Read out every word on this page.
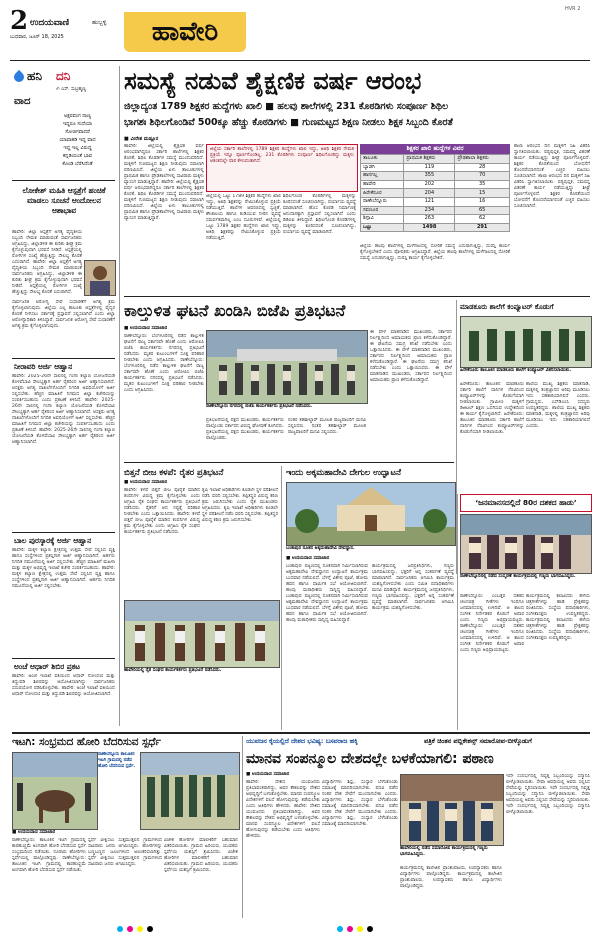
2 ಉದಯವಾಣಿ	ಹುಬ್ಬಳ್ಳಿ
ಬುಧವಾರ, ಜೂನ್ 18, 2025	ಹಾವೇರಿ
HVR 2
ಹನಿ ದನಿ
✍ ಎಸ್‌. ಸುಬ್ರಹ್ಮಣ್ಯ
ವಾದ
ಅಕ್ಷರವಂಗ ನಾಣ್ಯ
ಇದ್ದರೂ ಸುಧೆಯಾ
ಸೋಜಿಗವಾದರೆ
ಯಾವಾತಡಿ ಇದ್ದ ವಾದ
ಇದ್ದ ಇಲ್ಲ ವಿರುದ್ಧ
ಕನ್ನಡಿಯಂತೆ ಭಾವ
ಕೊಂಡಿ ಬೆರೆಸಿದೆಂತೆ
ಲೋಕೇಶ್‌ ಮಹಿತಿ ಆಸ್ಪತ್ರೆಗೆ ಹಂಚಿಕೆ ಮಾಡಲು ಸೂಚನೆ ಆಂದೋಲನ ಆಶಾಭಾವ
ಹಾವೇರಿ: ಜಿಲ್ಲಾ ಆಸ್ಪತ್ರೆಗೆ ಅಗತ್ಯ ವೈದ್ಯಕೀಯ ಸಿಬ್ಬಂದಿ ನೇಮಕ ಮಾಡುವಂತೆ ಸಾರ್ವಜನಿಕರು ಆಗ್ರಹಿಸಿದ್ದು, ಜಿಲ್ಲಾಡಳಿತ ಈ ಕುರಿತು ಶೀಘ್ರ ಕ್ರಮ ಕೈಗೊಳ್ಳುವುದಾಗಿ ಭರವಸೆ ನೀಡಿದೆ. ಆಸ್ಪತ್ರೆಯಲ್ಲಿ ರೋಗಿಗಳ ಸಂಖ್ಯೆ ಹೆಚ್ಚುತ್ತಿದ್ದು ಸೌಲಭ್ಯ ಕೊರತೆ ಎದುರಾಗಿದೆ. ಹಾವೇರಿ: ಜಿಲ್ಲಾ ಆಸ್ಪತ್ರೆಗೆ ಅಗತ್ಯ ವೈದ್ಯಕೀಯ ಸಿಬ್ಬಂದಿ ನೇಮಕ ಮಾಡುವಂತೆ ಸಾರ್ವಜನಿಕರು ಆಗ್ರಹಿಸಿದ್ದು, ಜಿಲ್ಲಾಡಳಿತ ಈ ಕುರಿತು ಶೀಘ್ರ ಕ್ರಮ ಕೈಗೊಳ್ಳುವುದಾಗಿ ಭರವಸೆ ನೀಡಿದೆ. ಆಸ್ಪತ್ರೆಯಲ್ಲಿ ರೋಗಿಗಳ ಸಂಖ್ಯೆ ಹೆಚ್ಚುತ್ತಿದ್ದು ಸೌಲಭ್ಯ ಕೊರತೆ ಎದುರಾಗಿದೆ.
ಸಾರ್ವಜನಿಕ ಆರೋಗ್ಯ ಸೇವೆ ಸುಧಾರಣೆಗೆ ಅಗತ್ಯ ಕ್ರಮ ಕೈಗೊಳ್ಳಲಾಗುವುದು. ಜಿಲ್ಲೆಯ ಎಲ್ಲ ತಾಲೂಕು ಆಸ್ಪತ್ರೆಗಳಲ್ಲಿ ವೈದ್ಯರ ಕೊರತೆ ನೀಗಿಸಲು ಸರ್ಕಾರಕ್ಕೆ ಪ್ರಸ್ತಾವನೆ ಸಲ್ಲಿಸಲಾಗಿದೆ ಎಂದು ಜಿಲ್ಲಾ ಆರೋಗ್ಯಾಧಿಕಾರಿ ತಿಳಿಸಿದ್ದಾರೆ. ಸಾರ್ವಜನಿಕ ಆರೋಗ್ಯ ಸೇವೆ ಸುಧಾರಣೆಗೆ ಅಗತ್ಯ ಕ್ರಮ ಕೈಗೊಳ್ಳಲಾಗುವುದು.
ನೀರಾವರಿ ಅರ್ಜಿ ಆಹ್ವಾನ
ಹಾವೇರಿ: 2025-26ನೇ ಸಾಲಿನಲ್ಲಿ ಗಂಗಾ ಕಲ್ಯಾಣ ಯೋಜನೆಯಡಿ ಕೊಳವೆಬಾವಿ ಸೌಲಭ್ಯಕ್ಕಾಗಿ ಅರ್ಹ ರೈತರಿಂದ ಅರ್ಜಿ ಆಹ್ವಾನಿಸಲಾಗಿದೆ. ಆಸಕ್ತರು ಅಗತ್ಯ ದಾಖಲೆಗಳೊಂದಿಗೆ ನಿಗದಿತ ಅವಧಿಯೊಳಗೆ ಅರ್ಜಿ ಸಲ್ಲಿಸಬೇಕು. ಹೆಚ್ಚಿನ ಮಾಹಿತಿಗೆ ನಿಗಮದ ಜಿಲ್ಲಾ ಕಚೇರಿಯನ್ನು ಸಂಪರ್ಕಿಸಬಹುದು ಎಂದು ಪ್ರಕಟಣೆ ತಿಳಿಸಿದೆ. ಹಾವೇರಿ: 2025-26ನೇ ಸಾಲಿನಲ್ಲಿ ಗಂಗಾ ಕಲ್ಯಾಣ ಯೋಜನೆಯಡಿ ಕೊಳವೆಬಾವಿ ಸೌಲಭ್ಯಕ್ಕಾಗಿ ಅರ್ಹ ರೈತರಿಂದ ಅರ್ಜಿ ಆಹ್ವಾನಿಸಲಾಗಿದೆ. ಆಸಕ್ತರು ಅಗತ್ಯ ದಾಖಲೆಗಳೊಂದಿಗೆ ನಿಗದಿತ ಅವಧಿಯೊಳಗೆ ಅರ್ಜಿ ಸಲ್ಲಿಸಬೇಕು. ಹೆಚ್ಚಿನ ಮಾಹಿತಿಗೆ ನಿಗಮದ ಜಿಲ್ಲಾ ಕಚೇರಿಯನ್ನು ಸಂಪರ್ಕಿಸಬಹುದು ಎಂದು ಪ್ರಕಟಣೆ ತಿಳಿಸಿದೆ. ಹಾವೇರಿ: 2025-26ನೇ ಸಾಲಿನಲ್ಲಿ ಗಂಗಾ ಕಲ್ಯಾಣ ಯೋಜನೆಯಡಿ ಕೊಳವೆಬಾವಿ ಸೌಲಭ್ಯಕ್ಕಾಗಿ ಅರ್ಹ ರೈತರಿಂದ ಅರ್ಜಿ ಆಹ್ವಾನಿಸಲಾಗಿದೆ.
ಬಾಲ ಪುರಸ್ಕಾರಕ್ಕೆ ಅರ್ಜಿ ಆಹ್ವಾನ
ಹಾವೇರಿ: ಮಕ್ಕಳ ಕಲ್ಯಾಣ ಕ್ಷೇತ್ರದಲ್ಲಿ ಉತ್ತಮ ಸೇವೆ ಸಲ್ಲಿಸಿದ ವ್ಯಕ್ತಿ ಹಾಗೂ ಸಂಸ್ಥೆಗಳಿಂದ ಪ್ರಶಸ್ತಿಗಾಗಿ ಅರ್ಜಿ ಆಹ್ವಾನಿಸಲಾಗಿದೆ. ಅರ್ಹರು ನಿಗದಿತ ನಮೂನೆಯಲ್ಲಿ ಅರ್ಜಿ ಸಲ್ಲಿಸಬೇಕು. ಹೆಚ್ಚಿನ ಮಾಹಿತಿಗೆ ಮಹಿಳಾ ಮತ್ತು ಮಕ್ಕಳ ಅಭಿವೃದ್ಧಿ ಇಲಾಖೆ ಕಚೇರಿ ಸಂಪರ್ಕಿಸಬಹುದು. ಹಾವೇರಿ: ಮಕ್ಕಳ ಕಲ್ಯಾಣ ಕ್ಷೇತ್ರದಲ್ಲಿ ಉತ್ತಮ ಸೇವೆ ಸಲ್ಲಿಸಿದ ವ್ಯಕ್ತಿ ಹಾಗೂ ಸಂಸ್ಥೆಗಳಿಂದ ಪ್ರಶಸ್ತಿಗಾಗಿ ಅರ್ಜಿ ಆಹ್ವಾನಿಸಲಾಗಿದೆ. ಅರ್ಹರು ನಿಗದಿತ ನಮೂನೆಯಲ್ಲಿ ಅರ್ಜಿ ಸಲ್ಲಿಸಬೇಕು.
ಅಂಚೆ ಆಧಾರ್‌ ಶಿಬಿರ ಪ್ರಕಟ
ಹಾವೇರಿ: ಅಂಚೆ ಇಲಾಖೆ ವತಿಯಿಂದ ಆಧಾರ್‌ ನೋಂದಣಿ ಮತ್ತು ತಿದ್ದುಪಡಿ ಶಿಬಿರವನ್ನು ಆಯೋಜಿಸಲಾಗಿದ್ದು ಸಾರ್ವಜನಿಕರು ಸದುಪಯೋಗ ಪಡಿಸಿಕೊಳ್ಳಬೇಕು. ಹಾವೇರಿ: ಅಂಚೆ ಇಲಾಖೆ ವತಿಯಿಂದ ಆಧಾರ್‌ ನೋಂದಣಿ ಮತ್ತು ತಿದ್ದುಪಡಿ ಶಿಬಿರವನ್ನು ಆಯೋಜಿಸಲಾಗಿದೆ.
ಸಮಸ್ಯೆ ನಡುವೆ ಶೈಕ್ಷಣಿಕ ವರ್ಷ ಆರಂಭ
ಜಿಲ್ಲಾದ್ಯಂತ 1789 ಶಿಕ್ಷಕರ ಹುದ್ದೆಗಳು ಖಾಲಿ ■ ಹಲವು ಶಾಲೆಗಳಲ್ಲಿ 231 ಕೊಠಡಿಗಳು ಸಂಪೂರ್ಣ ಶಿಥಿಲ
ಭಾಗಶಃ ಶಿಥಿಲಗೊಂಡಿವೆ 500ಕ್ಕೂ ಹೆಚ್ಚು ಕೊಠಡಿಗಳು ■ ಗುಣಮಟ್ಟದ ಶಿಕ್ಷಣ ನೀಡಲು ಶಿಕ್ಷಕ ಸಿಬ್ಬಂದಿ ಕೊರತೆ
■ ವೀರೇಶ ಮಡ್ಲೂರ
ಹಾವೇರಿ: ಜಿಲ್ಲೆಯಲ್ಲಿ ಶೈಕ್ಷಣಿಕ ವರ್ಷ ಆರಂಭವಾಗಿದ್ದರೂ ಸರ್ಕಾರಿ ಶಾಲೆಗಳಲ್ಲಿ ಶಿಕ್ಷಕರ ಕೊರತೆ, ಶಿಥಿಲ ಕೊಠಡಿಗಳ ಸಮಸ್ಯೆ ಮುಂದುವರಿದಿದೆ. ಮಕ್ಕಳಿಗೆ ಗುಣಮಟ್ಟದ ಶಿಕ್ಷಣ ನೀಡುವುದು ಸವಾಲಾಗಿ ಪರಿಣಮಿಸಿದೆ. ಜಿಲ್ಲೆಯ ಏಳು ತಾಲೂಕುಗಳಲ್ಲಿ ಪ್ರಾಥಮಿಕ ಹಾಗೂ ಪ್ರೌಢಶಾಲೆಗಳಲ್ಲಿ ಸಾವಿರಾರು ಮಕ್ಕಳು ವ್ಯಾಸಂಗ ಮಾಡುತ್ತಿದ್ದಾರೆ. ಹಾವೇರಿ: ಜಿಲ್ಲೆಯಲ್ಲಿ ಶೈಕ್ಷಣಿಕ ವರ್ಷ ಆರಂಭವಾಗಿದ್ದರೂ ಸರ್ಕಾರಿ ಶಾಲೆಗಳಲ್ಲಿ ಶಿಕ್ಷಕರ ಕೊರತೆ, ಶಿಥಿಲ ಕೊಠಡಿಗಳ ಸಮಸ್ಯೆ ಮುಂದುವರಿದಿದೆ. ಮಕ್ಕಳಿಗೆ ಗುಣಮಟ್ಟದ ಶಿಕ್ಷಣ ನೀಡುವುದು ಸವಾಲಾಗಿ ಪರಿಣಮಿಸಿದೆ. ಜಿಲ್ಲೆಯ ಏಳು ತಾಲೂಕುಗಳಲ್ಲಿ ಪ್ರಾಥಮಿಕ ಹಾಗೂ ಪ್ರೌಢಶಾಲೆಗಳಲ್ಲಿ ಸಾವಿರಾರು ಮಕ್ಕಳು ವ್ಯಾಸಂಗ ಮಾಡುತ್ತಿದ್ದಾರೆ.
ಜಿಲ್ಲೆಯ ಸರ್ಕಾರಿ ಶಾಲೆಗಳಲ್ಲಿ 1789 ಶಿಕ್ಷಕರ ಹುದ್ದೆಗಳು ಖಾಲಿ ಇದ್ದು, ಅತಿಥಿ ಶಿಕ್ಷಕರ ನೇಮಕ ಪ್ರಕ್ರಿಯೆ ಇನ್ನೂ ಪೂರ್ಣಗೊಂಡಿಲ್ಲ. 231 ಕೊಠಡಿಗಳು ಸಂಪೂರ್ಣ ಶಿಥಿಲಗೊಂಡಿದ್ದು ಮಕ್ಕಳು ಆತಂಕದಲ್ಲೇ ಪಾಠ ಕೇಳುವಂತಾಗಿದೆ.
ಜಿಲ್ಲೆಯಲ್ಲಿ ಒಟ್ಟು 1789 ಶಿಕ್ಷಕರ ಹುದ್ದೆಗಳು ಖಾಲಿ ಇದ್ದು, ಅತಿಥಿ ಶಿಕ್ಷಕರನ್ನು ನೇಮಿಸಿಕೊಳ್ಳುವ ಪ್ರಕ್ರಿಯೆ ನಡೆಯುತ್ತಿದೆ. ಶಾಲೆಗಳ ಆವರಣದಲ್ಲಿ ಸ್ವಚ್ಛತೆ, ಶೌಚಾಲಯ ಹಾಗೂ ಕುಡಿಯುವ ನೀರಿನ ವ್ಯವಸ್ಥೆ ಸಮರ್ಪಕವಾಗಿಲ್ಲ ಎಂಬ ದೂರುಗಳಿವೆ. ಜಿಲ್ಲೆಯಲ್ಲಿ ಒಟ್ಟು 1789 ಶಿಕ್ಷಕರ ಹುದ್ದೆಗಳು ಖಾಲಿ ಇದ್ದು, ಅತಿಥಿ ಶಿಕ್ಷಕರನ್ನು ನೇಮಿಸಿಕೊಳ್ಳುವ ಪ್ರಕ್ರಿಯೆ ನಡೆಯುತ್ತಿದೆ.
ಶಿಥಿಲಗೊಂಡ ಕೊಠಡಿಗಳಲ್ಲಿ ಮಕ್ಕಳನ್ನು ಕೂರಿಸದಂತೆ ಸೂಚಿಸಲಾಗಿದ್ದು, ಪರ್ಯಾಯ ವ್ಯವಸ್ಥೆ ಮಾಡಲಾಗಿದೆ. ಹೊಸ ಕೊಠಡಿ ನಿರ್ಮಾಣಕ್ಕೆ ಅನುದಾನಕ್ಕಾಗಿ ಪ್ರಸ್ತಾವನೆ ಸಲ್ಲಿಸಲಾಗಿದೆ ಎಂದು ಡಿಡಿಪಿಐ ತಿಳಿಸಿದ್ದಾರೆ. ಶಿಥಿಲಗೊಂಡ ಕೊಠಡಿಗಳಲ್ಲಿ ಮಕ್ಕಳನ್ನು ಕೂರಿಸದಂತೆ ಸೂಚಿಸಲಾಗಿದ್ದು, ಪರ್ಯಾಯ ವ್ಯವಸ್ಥೆ ಮಾಡಲಾಗಿದೆ.
ಶಿಕ್ಷಕರ ಖಾಲಿ ಹುದ್ದೆಗಳ ವಿವರ
ತಾಲೂಕು	ಪ್ರಾಥಮಿಕ ಶಿಕ್ಷಕರು	ಪ್ರೌಢಶಾಲಾ ಶಿಕ್ಷಕರು
ಬ್ಯಾಡಗಿ	119	28
ಹಾನಗಲ್ಲ	355	70
ಹಾವೇರಿ	202	35
ಹಿರೇಕೆರೂರ	204	15
ರಾಣೇಬೆನ್ನೂರು	121	16
ಸವಣೂರ	234	65
ಶಿಗ್ಗಾವಿ	263	62
ಒಟ್ಟು	1498	291
ಜಿಲ್ಲೆಯ ಹಲವು ಶಾಲೆಗಳಲ್ಲಿ ಮಳೆಗಾಲದಲ್ಲಿ ಸೋರಿಕೆ ಸಮಸ್ಯೆ ಎದುರಾಗುತ್ತಿದ್ದು, ದುರಸ್ತಿ ಕಾರ್ಯ ಕೈಗೊಳ್ಳಬೇಕಿದೆ ಎಂದು ಪೋಷಕರು ಆಗ್ರಹಿಸಿದ್ದಾರೆ. ಜಿಲ್ಲೆಯ ಹಲವು ಶಾಲೆಗಳಲ್ಲಿ ಮಳೆಗಾಲದಲ್ಲಿ ಸೋರಿಕೆ ಸಮಸ್ಯೆ ಎದುರಾಗುತ್ತಿದ್ದು, ದುರಸ್ತಿ ಕಾರ್ಯ ಕೈಗೊಳ್ಳಬೇಕಿದೆ.
ಶಾಲಾ ಆರಂಭದ ದಿನ ಮಕ್ಕಳಿಗೆ ಸಿಹಿ ವಿತರಿಸಿ ಸ್ವಾಗತಿಸಲಾಯಿತು. ಪಠ್ಯಪುಸ್ತಕ, ಸಮವಸ್ತ್ರ ವಿತರಣೆ ಕಾರ್ಯ ನಡೆಯುತ್ತಿದ್ದು ಶೀಘ್ರ ಪೂರ್ಣಗೊಳ್ಳಲಿದೆ. ಶಿಕ್ಷಕರ ಕೊರತೆಯಿಂದ ಬೋಧನೆಗೆ ತೊಂದರೆಯಾಗದಂತೆ ಎಚ್ಚರ ವಹಿಸಲು ಸೂಚಿಸಲಾಗಿದೆ. ಶಾಲಾ ಆರಂಭದ ದಿನ ಮಕ್ಕಳಿಗೆ ಸಿಹಿ ವಿತರಿಸಿ ಸ್ವಾಗತಿಸಲಾಯಿತು. ಪಠ್ಯಪುಸ್ತಕ, ಸಮವಸ್ತ್ರ ವಿತರಣೆ ಕಾರ್ಯ ನಡೆಯುತ್ತಿದ್ದು ಶೀಘ್ರ ಪೂರ್ಣಗೊಳ್ಳಲಿದೆ. ಶಿಕ್ಷಕರ ಕೊರತೆಯಿಂದ ಬೋಧನೆಗೆ ತೊಂದರೆಯಾಗದಂತೆ ಎಚ್ಚರ ವಹಿಸಲು ಸೂಚಿಸಲಾಗಿದೆ.
ಕಾಲ್ತುಳಿತ ಘಟನೆ ಖಂಡಿಸಿ ಬಿಜೆಪಿ ಪ್ರತಿಭಟನೆ
■ ಉದಯವಾಣಿ ಸಮಾಚಾರ
ರಾಣೇಬೆನ್ನೂರು: ಬೆಂಗಳೂರಿನಲ್ಲಿ ನಡೆದ ಕಾಲ್ತುಳಿತ ಘಟನೆಗೆ ರಾಜ್ಯ ಸರ್ಕಾರವೇ ಹೊಣೆ ಎಂದು ಆರೋಪಿಸಿ ಬಿಜೆಪಿ ಕಾರ್ಯಕರ್ತರು ನಗರದಲ್ಲಿ ಪ್ರತಿಭಟನೆ ನಡೆಸಿದರು. ಮೃತರ ಕುಟುಂಬಗಳಿಗೆ ಸೂಕ್ತ ಪರಿಹಾರ ನೀಡಬೇಕು ಎಂದು ಆಗ್ರಹಿಸಿದರು. ರಾಣೇಬೆನ್ನೂರು: ಬೆಂಗಳೂರಿನಲ್ಲಿ ನಡೆದ ಕಾಲ್ತುಳಿತ ಘಟನೆಗೆ ರಾಜ್ಯ ಸರ್ಕಾರವೇ ಹೊಣೆ ಎಂದು ಆರೋಪಿಸಿ ಬಿಜೆಪಿ ಕಾರ್ಯಕರ್ತರು ನಗರದಲ್ಲಿ ಪ್ರತಿಭಟನೆ ನಡೆಸಿದರು. ಮೃತರ ಕುಟುಂಬಗಳಿಗೆ ಸೂಕ್ತ ಪರಿಹಾರ ನೀಡಬೇಕು ಎಂದು ಆಗ್ರಹಿಸಿದರು.
ರಾಣೇಬೆನ್ನೂರು ನಗರದಲ್ಲಿ ಬಿಜೆಪಿ ಕಾರ್ಯಕರ್ತರು ಪ್ರತಿಭಟನೆ ನಡೆಸಿದರು.
ಪ್ರತಿಭಟನೆಯಲ್ಲಿ ಪಕ್ಷದ ಮುಖಂಡರು, ಕಾರ್ಯಕರ್ತರು ಪಾಲ್ಗೊಂಡು ಸರ್ಕಾರದ ವಿರುದ್ಧ ಘೋಷಣೆ ಕೂಗಿದರು. ಪ್ರತಿಭಟನೆಯಲ್ಲಿ ಪಕ್ಷದ ಮುಖಂಡರು, ಕಾರ್ಯಕರ್ತರು ಪಾಲ್ಗೊಂಡರು.
ನಂತರ ತಹಶೀಲ್ದಾರ್‌ ಮೂಲಕ ರಾಜ್ಯಪಾಲರಿಗೆ ಮನವಿ ಸಲ್ಲಿಸಿದರು. ನಂತರ ತಹಶೀಲ್ದಾರ್‌ ಮೂಲಕ ರಾಜ್ಯಪಾಲರಿಗೆ ಮನವಿ ಸಲ್ಲಿಸಿದರು.
ಈ ವೇಳೆ ಮಾತನಾಡಿದ ಮುಖಂಡರು, ಸರ್ಕಾರದ ನಿರ್ಲಕ್ಷ್ಯದಿಂದ ಅಮಾಯಕರು ಪ್ರಾಣ ಕಳೆದುಕೊಂಡಿದ್ದಾರೆ. ಈ ಘಟನೆಯ ಸಮಗ್ರ ತನಿಖೆ ನಡೆಸಬೇಕು ಎಂದು ಒತ್ತಾಯಿಸಿದರು. ಈ ವೇಳೆ ಮಾತನಾಡಿದ ಮುಖಂಡರು, ಸರ್ಕಾರದ ನಿರ್ಲಕ್ಷ್ಯದಿಂದ ಅಮಾಯಕರು ಪ್ರಾಣ ಕಳೆದುಕೊಂಡಿದ್ದಾರೆ. ಈ ಘಟನೆಯ ಸಮಗ್ರ ತನಿಖೆ ನಡೆಸಬೇಕು ಎಂದು ಒತ್ತಾಯಿಸಿದರು. ಈ ವೇಳೆ ಮಾತನಾಡಿದ ಮುಖಂಡರು, ಸರ್ಕಾರದ ನಿರ್ಲಕ್ಷ್ಯದಿಂದ ಅಮಾಯಕರು ಪ್ರಾಣ ಕಳೆದುಕೊಂಡಿದ್ದಾರೆ.
ಮಾಡಕೂರು ಶಾಲೆಗೆ ಕಂಪ್ಯೂಟರ್‌ ಕೊಡುಗೆ
ಹಿರೇಕೆರೂರು ತಾಲೂಕಿನ ಮಾಡಕೂರು ಶಾಲೆಗೆ ಕಂಪ್ಯೂಟರ್‌ ವಿತರಿಸಲಾಯಿತು.
ಹಿರೇಕೆರೂರು: ತಾಲೂಕಿನ ಮಾಡಕೂರು ಸರ್ಕಾರಿ ಶಾಲೆಗೆ ದಾನಿಗಳ ನೆರವಿನಿಂದ ಕಂಪ್ಯೂಟರ್‌ಗಳನ್ನು ಕೊಡುಗೆಯಾಗಿ ನೀಡಲಾಯಿತು. ಗ್ರಾಮೀಣ ಮಕ್ಕಳಿಗೆ ಡಿಜಿಟಲ್‌ ಶಿಕ್ಷಣ ಒದಗಿಸುವ ಉದ್ದೇಶದಿಂದ ಈ ಕಾರ್ಯ ಕೈಗೊಳ್ಳಲಾಗಿದೆ. ಹಿರೇಕೆರೂರು: ತಾಲೂಕಿನ ಮಾಡಕೂರು ಸರ್ಕಾರಿ ಶಾಲೆಗೆ ದಾನಿಗಳ ನೆರವಿನಿಂದ ಕಂಪ್ಯೂಟರ್‌ಗಳನ್ನು ಕೊಡುಗೆಯಾಗಿ ನೀಡಲಾಯಿತು.
ಶಾಲೆಯ ಮುಖ್ಯ ಶಿಕ್ಷಕರು ಮಾತನಾಡಿ, ಮಕ್ಕಳಲ್ಲಿ ತಂತ್ರಜ್ಞಾನದ ಅರಿವು ಮೂಡಿಸಲು ಇದು ಸಹಕಾರಿಯಾಗಲಿದೆ ಎಂದರು. ಗ್ರಾಮಸ್ಥರು, ಎಸ್‌ಡಿಎಂಸಿ ಸದಸ್ಯರು ಉಪಸ್ಥಿತರಿದ್ದರು. ಶಾಲೆಯ ಮುಖ್ಯ ಶಿಕ್ಷಕರು ಮಾತನಾಡಿ, ಮಕ್ಕಳಲ್ಲಿ ತಂತ್ರಜ್ಞಾನದ ಅರಿವು ಮೂಡಿಸಲು ಇದು ಸಹಕಾರಿಯಾಗಲಿದೆ ಎಂದರು.
ಬಿತ್ತನೆ ಬೀಜ ಕಳಪೆ: ರೈತರ ಪ್ರತಿಭಟನೆ
■ ಉದಯವಾಣಿ ಸಮಾಚಾರ
ಹಾವೇರಿ: ಕಳಪೆ ಬಿತ್ತನೆ ಬೀಜ ಪೂರೈಕೆ ಮಾಡಿದ ಕಂಪನಿಗಳ ವಿರುದ್ಧ ಕ್ರಮ ಕೈಗೊಳ್ಳಬೇಕು ಎಂದು ಆಗ್ರಹಿಸಿ ರೈತ ಸಂಘದ ಕಾರ್ಯಕರ್ತರು ಪ್ರತಿಭಟನೆ ನಡೆಸಿದರು. ರೈತರಿಗೆ ಆದ ನಷ್ಟಕ್ಕೆ ಪರಿಹಾರ ನೀಡಬೇಕು ಎಂದು ಒತ್ತಾಯಿಸಿದರು. ಹಾವೇರಿ: ಕಳಪೆ ಬಿತ್ತನೆ ಬೀಜ ಪೂರೈಕೆ ಮಾಡಿದ ಕಂಪನಿಗಳ ವಿರುದ್ಧ ಕ್ರಮ ಕೈಗೊಳ್ಳಬೇಕು ಎಂದು ಆಗ್ರಹಿಸಿ ರೈತ ಸಂಘದ ಕಾರ್ಯಕರ್ತರು ಪ್ರತಿಭಟನೆ ನಡೆಸಿದರು.
ಕೃಷಿ ಇಲಾಖೆ ಅಧಿಕಾರಿಗಳು ಕೂಡಲೇ ಸ್ಥಳ ಪರಿಶೀಲನೆ ನಡೆಸಿ ವರದಿ ಸಲ್ಲಿಸಬೇಕು. ತಪ್ಪಿತಸ್ಥರ ವಿರುದ್ಧ ಕಠಿಣ ಕ್ರಮ ಜರುಗಿಸಬೇಕು ಎಂದು ರೈತ ಮುಖಂಡರು ಆಗ್ರಹಿಸಿದರು. ಕೃಷಿ ಇಲಾಖೆ ಅಧಿಕಾರಿಗಳು ಕೂಡಲೇ ಸ್ಥಳ ಪರಿಶೀಲನೆ ನಡೆಸಿ ವರದಿ ಸಲ್ಲಿಸಬೇಕು. ತಪ್ಪಿತಸ್ಥರ ವಿರುದ್ಧ ಕಠಿಣ ಕ್ರಮ ಜರುಗಿಸಬೇಕು.
ಹಾವೇರಿಯಲ್ಲಿ ರೈತ ಸಂಘದ ಕಾರ್ಯಕರ್ತರು ಪ್ರತಿಭಟನೆ ನಡೆಸಿದರು.
ಇಂದು ಅಕ್ಕಮಹಾದೇವಿ ದೇಗುಲ ಉದ್ಘಾಟನೆ
ಬಂಕಾಪುರ ನೂತನ ಅಕ್ಕಮಹಾದೇವಿ ದೇವಸ್ಥಾನ.
■ ಉದಯವಾಣಿ ಸಮಾಚಾರ
ಬಂಕಾಪುರ: ಪಟ್ಟಣದಲ್ಲಿ ನೂತನವಾಗಿ ನಿರ್ಮಿಸಲಾಗಿರುವ ಅಕ್ಕಮಹಾದೇವಿ ದೇವಸ್ಥಾನದ ಉದ್ಘಾಟನೆ ಕಾರ್ಯಕ್ರಮ ಬುಧವಾರ ನಡೆಯಲಿದೆ. ಬೆಳಗ್ಗೆ ವಿಶೇಷ ಪೂಜೆ, ಹೋಮ ಹವನ ಹಾಗೂ ಧಾರ್ಮಿಕ ಸಭೆ ಆಯೋಜಿಸಲಾಗಿದೆ. ಹಲವು ಮಠಾಧೀಶರು ಸಾನ್ನಿಧ್ಯ ವಹಿಸಲಿದ್ದಾರೆ. ಬಂಕಾಪುರ: ಪಟ್ಟಣದಲ್ಲಿ ನೂತನವಾಗಿ ನಿರ್ಮಿಸಲಾಗಿರುವ ಅಕ್ಕಮಹಾದೇವಿ ದೇವಸ್ಥಾನದ ಉದ್ಘಾಟನೆ ಕಾರ್ಯಕ್ರಮ ಬುಧವಾರ ನಡೆಯಲಿದೆ. ಬೆಳಗ್ಗೆ ವಿಶೇಷ ಪೂಜೆ, ಹೋಮ ಹವನ ಹಾಗೂ ಧಾರ್ಮಿಕ ಸಭೆ ಆಯೋಜಿಸಲಾಗಿದೆ. ಹಲವು ಮಠಾಧೀಶರು ಸಾನ್ನಿಧ್ಯ ವಹಿಸಲಿದ್ದಾರೆ.
ಕಾರ್ಯಕ್ರಮದಲ್ಲಿ ಜನಪ್ರತಿನಿಧಿಗಳು, ಗಣ್ಯರು ಭಾಗವಹಿಸಲಿದ್ದು, ಭಕ್ತರಿಗೆ ಅನ್ನ ಸಂತರ್ಪಣೆ ವ್ಯವಸ್ಥೆ ಮಾಡಲಾಗಿದೆ. ಸಾರ್ವಜನಿಕರು ಆಗಮಿಸಿ ಕಾರ್ಯಕ್ರಮ ಯಶಸ್ವಿಗೊಳಿಸಬೇಕು ಎಂದು ಸಮಿತಿ ಪದಾಧಿಕಾರಿಗಳು ಮನವಿ ಮಾಡಿದ್ದಾರೆ. ಕಾರ್ಯಕ್ರಮದಲ್ಲಿ ಜನಪ್ರತಿನಿಧಿಗಳು, ಗಣ್ಯರು ಭಾಗವಹಿಸಲಿದ್ದು, ಭಕ್ತರಿಗೆ ಅನ್ನ ಸಂತರ್ಪಣೆ ವ್ಯವಸ್ಥೆ ಮಾಡಲಾಗಿದೆ. ಸಾರ್ವಜನಿಕರು ಆಗಮಿಸಿ ಕಾರ್ಯಕ್ರಮ ಯಶಸ್ವಿಗೊಳಿಸಬೇಕು.
‘ಜನಮಾನಸದಲ್ಲಿದೆ 80ರ ದಶಕದ ಹಾಡು’
ರಾಣೇಬೆನ್ನೂರಿನಲ್ಲಿ ನಡೆದ ಸಂಸ್ಮರಣೆ ಕಾರ್ಯಕ್ರಮದಲ್ಲಿ ಗಣ್ಯರು ಭಾಗವಹಿಸಿದ್ದರು.
ರಾಣೇಬೆನ್ನೂರು: ಎಂಬತ್ತರ ದಶಕದ ಚಲನಚಿತ್ರ ಗೀತೆಗಳು ಇಂದಿಗೂ ಜನಮಾನಸದಲ್ಲಿ ಉಳಿದಿವೆ. ಆ ಕಾಲದ ಸಂಗೀತ ನಿರ್ದೇಶಕರ ಕೊಡುಗೆ ಅಪಾರ ಎಂದು ಗಣ್ಯರು ಅಭಿಪ್ರಾಯಪಟ್ಟರು. ರಾಣೇಬೆನ್ನೂರು: ಎಂಬತ್ತರ ದಶಕದ ಚಲನಚಿತ್ರ ಗೀತೆಗಳು ಇಂದಿಗೂ ಜನಮಾನಸದಲ್ಲಿ ಉಳಿದಿವೆ. ಆ ಕಾಲದ ಸಂಗೀತ ನಿರ್ದೇಶಕರ ಕೊಡುಗೆ ಅಪಾರ ಎಂದು ಗಣ್ಯರು ಅಭಿಪ್ರಾಯಪಟ್ಟರು.
ಕಾರ್ಯಕ್ರಮದಲ್ಲಿ ಕಲಾವಿದರು ಹಳೆಯ ಚಿತ್ರಗೀತೆಗಳನ್ನು ಹಾಡಿ ಪ್ರೇಕ್ಷಕರನ್ನು ರಂಜಿಸಿದರು. ಸಂಸ್ಥೆಯ ಪದಾಧಿಕಾರಿಗಳು, ಸಂಗೀತಾಸಕ್ತರು ಉಪಸ್ಥಿತರಿದ್ದರು. ಕಾರ್ಯಕ್ರಮದಲ್ಲಿ ಕಲಾವಿದರು ಹಳೆಯ ಚಿತ್ರಗೀತೆಗಳನ್ನು ಹಾಡಿ ಪ್ರೇಕ್ಷಕರನ್ನು ರಂಜಿಸಿದರು. ಸಂಸ್ಥೆಯ ಪದಾಧಿಕಾರಿಗಳು, ಸಂಗೀತಾಸಕ್ತರು ಉಪಸ್ಥಿತರಿದ್ದರು.
ಇಟಗಿ: ಸಂಭ್ರಮದ ಹೋರಿ ಬೆದರಿಸುವ ಸ್ಪರ್ಧೆ
ರಾಣೇಬೆನ್ನೂರು ತಾಲೂಕಿನ ಇಟಗಿ ಗ್ರಾಮದಲ್ಲಿ ನಡೆದ ಹೋರಿ ಬೆದರಿಸುವ ಸ್ಪರ್ಧೆ.
■ ಉದಯವಾಣಿ ಸಮಾಚಾರ
ರಾಣೇಬೆನ್ನೂರು: ತಾಲೂಕಿನ ಇಟಗಿ ಗ್ರಾಮದಲ್ಲಿ ಕಾರಹುಣ್ಣಿಮೆ ಅಂಗವಾಗಿ ಹೋರಿ ಬೆದರಿಸುವ ಸ್ಪರ್ಧೆ ಸಂಭ್ರಮದಿಂದ ನಡೆಯಿತು. ನೂರಾರು ಹೋರಿಗಳು ಸ್ಪರ್ಧೆಯಲ್ಲಿ ಪಾಲ್ಗೊಂಡಿದ್ದವು. ರಾಣೇಬೆನ್ನೂರು: ತಾಲೂಕಿನ ಇಟಗಿ ಗ್ರಾಮದಲ್ಲಿ ಕಾರಹುಣ್ಣಿಮೆ ಅಂಗವಾಗಿ ಹೋರಿ ಬೆದರಿಸುವ ಸ್ಪರ್ಧೆ ನಡೆಯಿತು.
ಸ್ಪರ್ಧೆ ವೀಕ್ಷಿಸಲು ಸುತ್ತಮುತ್ತಲಿನ ಗ್ರಾಮಗಳಿಂದ ಸಾವಿರಾರು ಜನರು ಆಗಮಿಸಿದ್ದರು. ಹೋರಿಗಳನ್ನು ಬಣ್ಣಬಣ್ಣದ ಜೂಲಗಳಿಂದ ಅಲಂಕರಿಸಲಾಗಿತ್ತು. ಸ್ಪರ್ಧೆ ವೀಕ್ಷಿಸಲು ಸುತ್ತಮುತ್ತಲಿನ ಗ್ರಾಮಗಳಿಂದ ಸಾವಿರಾರು ಜನರು ಆಗಮಿಸಿದ್ದರು.
ವಿಜೇತ ಹೋರಿಗಳ ಮಾಲೀಕರಿಗೆ ಬಹುಮಾನ ವಿತರಿಸಲಾಯಿತು. ಗ್ರಾಮದ ಹಿರಿಯರು, ಯುವಕರು ಸ್ಪರ್ಧೆಯ ಯಶಸ್ಸಿಗೆ ಶ್ರಮಿಸಿದರು. ವಿಜೇತ ಹೋರಿಗಳ ಮಾಲೀಕರಿಗೆ ಬಹುಮಾನ ವಿತರಿಸಲಾಯಿತು. ಗ್ರಾಮದ ಹಿರಿಯರು, ಯುವಕರು ಸ್ಪರ್ಧೆಯ ಯಶಸ್ಸಿಗೆ ಶ್ರಮಿಸಿದರು.
ಯುವಜನ ಕೈಯಲ್ಲಿದೆ ದೇಶದ ಭವಿಷ್ಯ: ಬಸವರಾಜ ಹಕ್ಕಿ	ಪತ್ರಿಕೆ ಚಿಂತನ ಪಬ್ಲಿಕೇಶನ್ಸ್‌ ಸಮಾರೋಪ-ಬೀಳ್ಕೊಡುಗೆ
ಮಾನವ ಸಂಪನ್ಮೂಲ ದೇಶದಲ್ಲೇ ಬಳಕೆಯಾಗಲಿ: ಪಠಾಣ
■ ಉದಯವಾಣಿ ಸಮಾಚಾರ
ಹಾವೇರಿ: ದೇಶದ ಯುವಜನರು ಪ್ರತಿಭಾವಂತರಾಗಿದ್ದು, ಅವರ ಕೌಶಲವನ್ನು ದೇಶದ ಅಭಿವೃದ್ಧಿಗೆ ಬಳಸಿಕೊಳ್ಳಬೇಕು. ಮಾನವ ಸಂಪನ್ಮೂಲ ವಿದೇಶಗಳಿಗೆ ವಲಸೆ ಹೋಗುವುದನ್ನು ತಡೆಯಬೇಕು ಎಂದು ಅತಿಥಿಗಳು ಹೇಳಿದರು. ಹಾವೇರಿ: ದೇಶದ ಯುವಜನರು ಪ್ರತಿಭಾವಂತರಾಗಿದ್ದು, ಅವರ ಕೌಶಲವನ್ನು ದೇಶದ ಅಭಿವೃದ್ಧಿಗೆ ಬಳಸಿಕೊಳ್ಳಬೇಕು. ಮಾನವ ಸಂಪನ್ಮೂಲ ವಿದೇಶಗಳಿಗೆ ವಲಸೆ ಹೋಗುವುದನ್ನು ತಡೆಯಬೇಕು ಎಂದು ಅತಿಥಿಗಳು ಹೇಳಿದರು.
ವಿದ್ಯಾರ್ಥಿಗಳು ಶಿಸ್ತು, ಸಂಸ್ಕಾರ ಬೆಳೆಸಿಕೊಂಡು ಸಮಾಜಕ್ಕೆ ಮಾದರಿಯಾಗಬೇಕು. ಪದವಿ ಪಡೆದ ನಂತರ ದೇಶ ಸೇವೆಗೆ ಮುಂದಾಗಬೇಕು ಎಂದರು. ವಿದ್ಯಾರ್ಥಿಗಳು ಶಿಸ್ತು, ಸಂಸ್ಕಾರ ಬೆಳೆಸಿಕೊಂಡು ಸಮಾಜಕ್ಕೆ ಮಾದರಿಯಾಗಬೇಕು. ಪದವಿ ಪಡೆದ ನಂತರ ದೇಶ ಸೇವೆಗೆ ಮುಂದಾಗಬೇಕು ಎಂದರು. ವಿದ್ಯಾರ್ಥಿಗಳು ಶಿಸ್ತು, ಸಂಸ್ಕಾರ ಬೆಳೆಸಿಕೊಂಡು ಸಮಾಜಕ್ಕೆ ಮಾದರಿಯಾಗಬೇಕು.
ಹಾವೇರಿಯಲ್ಲಿ ನಡೆದ ಸಮಾರೋಪ ಕಾರ್ಯಕ್ರಮದಲ್ಲಿ ಗಣ್ಯರು ಭಾಗವಹಿಸಿದ್ದರು.
ಕಾರ್ಯಕ್ರಮದಲ್ಲಿ ಕಾಲೇಜಿನ ಪ್ರಾಂಶುಪಾಲರು, ಉಪನ್ಯಾಸಕರು ಹಾಗೂ ವಿದ್ಯಾರ್ಥಿಗಳು ಪಾಲ್ಗೊಂಡಿದ್ದರು. ಕಾರ್ಯಕ್ರಮದಲ್ಲಿ ಕಾಲೇಜಿನ ಪ್ರಾಂಶುಪಾಲರು, ಉಪನ್ಯಾಸಕರು ಹಾಗೂ ವಿದ್ಯಾರ್ಥಿಗಳು ಪಾಲ್ಗೊಂಡಿದ್ದರು.
ಇದೇ ಸಂದರ್ಭದಲ್ಲಿ ನಿವೃತ್ತ ಸಿಬ್ಬಂದಿಯನ್ನು ಸನ್ಮಾನಿಸಿ ಬೀಳ್ಕೊಡಲಾಯಿತು. ಸೇವಾ ಅವಧಿಯಲ್ಲಿ ಅವರು ಸಲ್ಲಿಸಿದ ಸೇವೆಯನ್ನು ಸ್ಮರಿಸಲಾಯಿತು. ಇದೇ ಸಂದರ್ಭದಲ್ಲಿ ನಿವೃತ್ತ ಸಿಬ್ಬಂದಿಯನ್ನು ಸನ್ಮಾನಿಸಿ ಬೀಳ್ಕೊಡಲಾಯಿತು. ಸೇವಾ ಅವಧಿಯಲ್ಲಿ ಅವರು ಸಲ್ಲಿಸಿದ ಸೇವೆಯನ್ನು ಸ್ಮರಿಸಲಾಯಿತು. ಇದೇ ಸಂದರ್ಭದಲ್ಲಿ ನಿವೃತ್ತ ಸಿಬ್ಬಂದಿಯನ್ನು ಸನ್ಮಾನಿಸಿ ಬೀಳ್ಕೊಡಲಾಯಿತು.
